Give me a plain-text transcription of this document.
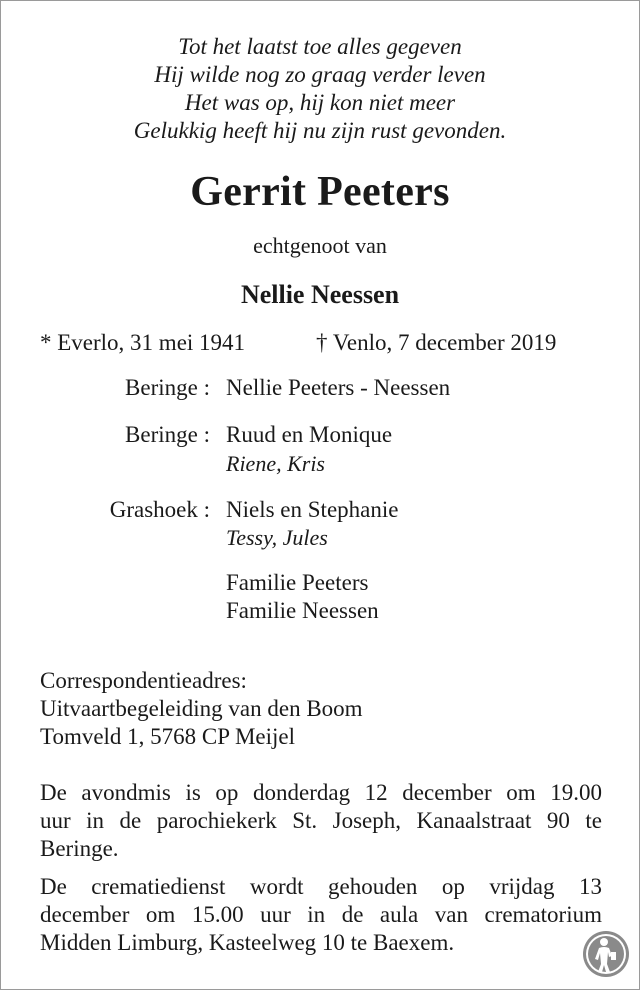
Tot het laatst toe alles gegeven
Hij wilde nog zo graag verder leven
Het was op, hij kon niet meer
Gelukkig heeft hij nu zijn rust gevonden.
Gerrit Peeters
echtgenoot van
Nellie Neessen
* Everlo, 31 mei 1941	† Venlo, 7 december 2019
Beringe : Nellie Peeters - Neessen
Beringe : Ruud en Monique
Riene, Kris
Grashoek : Niels en Stephanie
Tessy, Jules
Familie Peeters
Familie Neessen
Correspondentieadres:
Uitvaartbegeleiding van den Boom
Tomveld 1, 5768 CP Meijel
De avondmis is op donderdag 12 december om 19.00
uur in de parochiekerk St. Joseph, Kanaalstraat 90 te
Beringe.
De crematiedienst wordt gehouden op vrijdag 13
december om 15.00 uur in de aula van crematorium
Midden Limburg, Kasteelweg 10 te Baexem.
